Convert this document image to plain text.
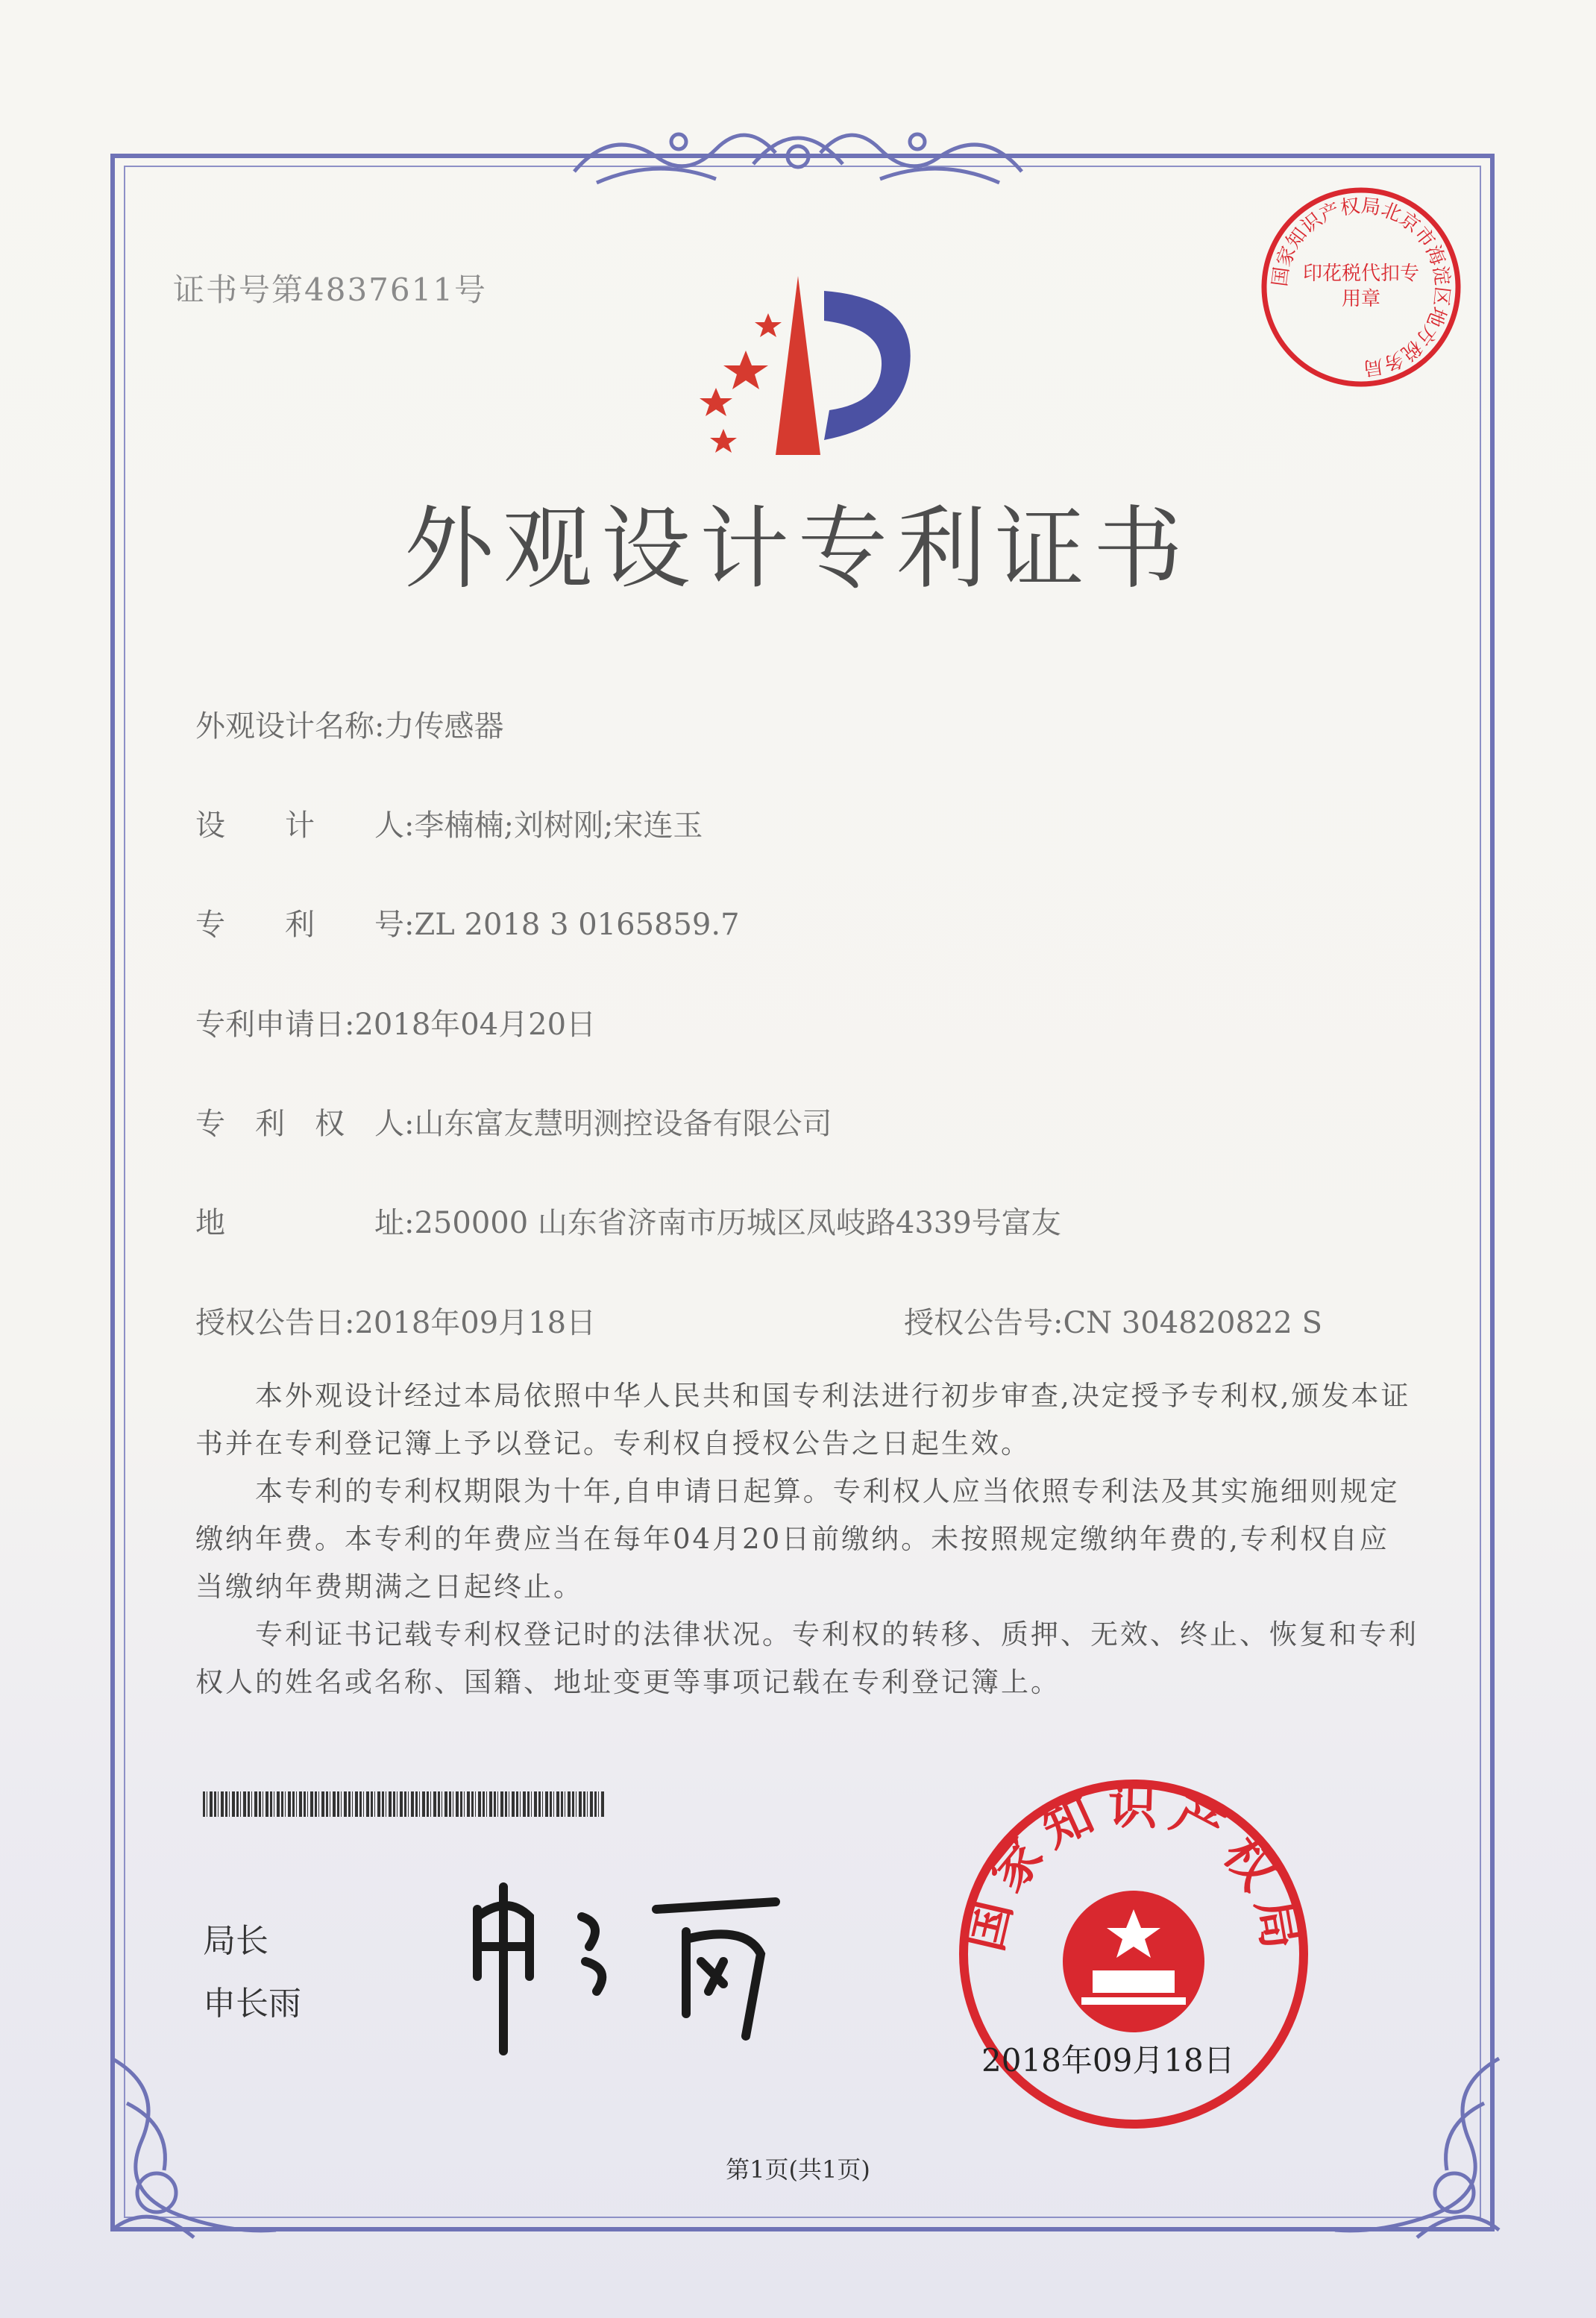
证书号第4837611号	国家知识产权局北京市海淀区地方税务局
印花税代扣专用章
外观设计专利证书
外观设计名称:力传感器
设　　计　　人:李楠楠;刘树刚;宋连玉
专　　利　　号:ZL 2018 3 0165859.7
专利申请日:2018年04月20日
专　利　权　人:山东富友慧明测控设备有限公司
地　　　　　址:250000 山东省济南市历城区凤岐路4339号富友
授权公告日:2018年09月18日	授权公告号:CN 304820822 S
　　本外观设计经过本局依照中华人民共和国专利法进行初步审查,决定授予专利权,颁发本证书并在专利登记簿上予以登记。专利权自授权公告之日起生效。
　　本专利的专利权期限为十年,自申请日起算。专利权人应当依照专利法及其实施细则规定缴纳年费。本专利的年费应当在每年04月20日前缴纳。未按照规定缴纳年费的,专利权自应当缴纳年费期满之日起终止。
　　专利证书记载专利权登记时的法律状况。专利权的转移、质押、无效、终止、恢复和专利权人的姓名或名称、国籍、地址变更等事项记载在专利登记簿上。
局长
申长雨
国家知识产权局
2018年09月18日
第1页(共1页)
